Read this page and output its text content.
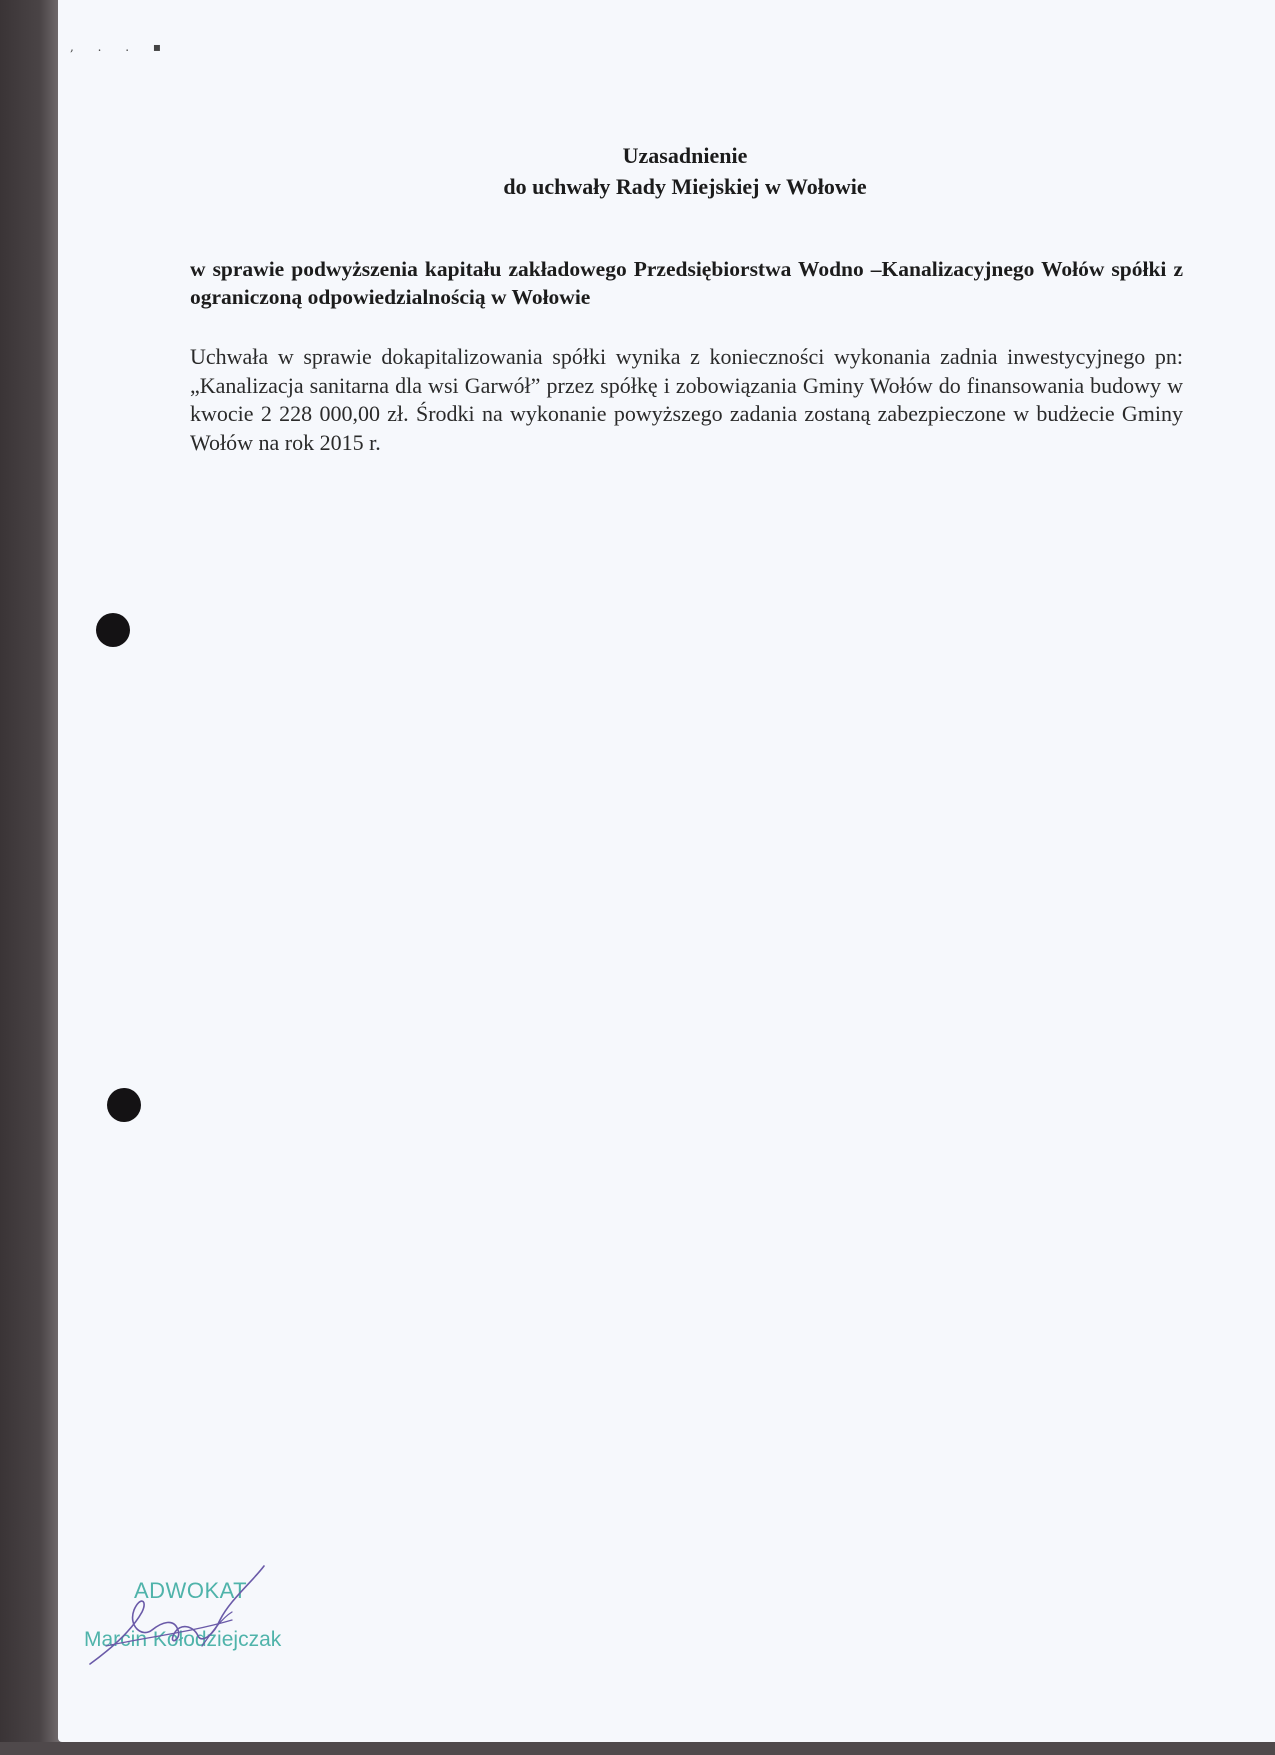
, . . ▪
Uzasadnienie
do uchwały Rady Miejskiej w Wołowie
w sprawie podwyższenia kapitału zakładowego Przedsiębiorstwa Wodno –Kanalizacyjnego Wołów spółki z ograniczoną odpowiedzialnością w Wołowie
Uchwała w sprawie dokapitalizowania spółki wynika z konieczności wykonania zadnia inwestycyjnego pn: „Kanalizacja sanitarna dla wsi Garwół” przez spółkę i zobowiązania Gminy Wołów do finansowania budowy w kwocie 2 228 000,00 zł. Środki na wykonanie powyższego zadania zostaną zabezpieczone w budżecie Gminy Wołów na rok 2015 r.
ADWOKAT
Marcin Kołodziejczak
